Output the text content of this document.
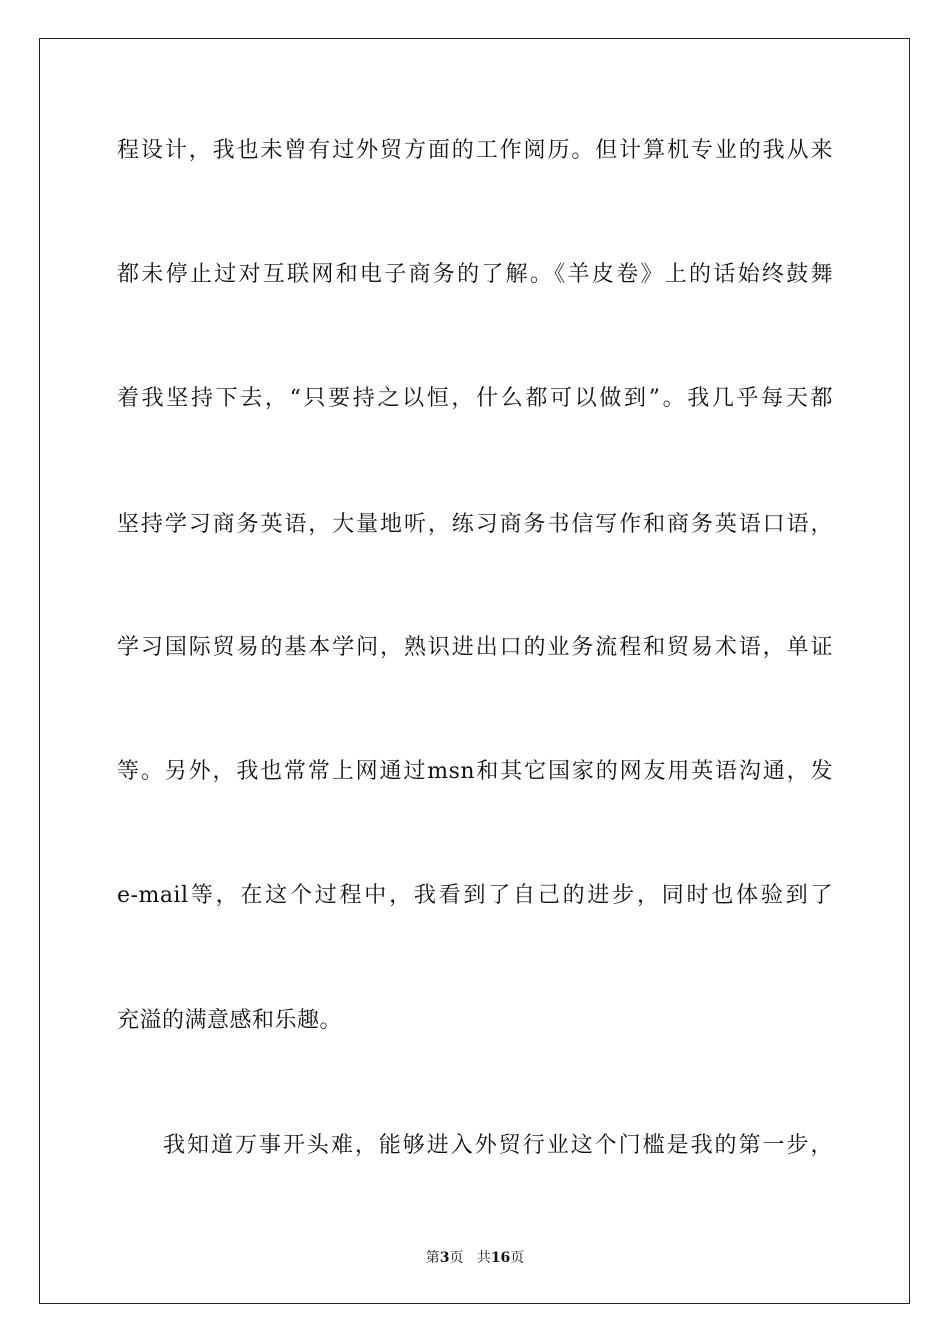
程设计，我也未曾有过外贸方面的工作阅历。但计算机专业的我从来
都未停止过对互联网和电子商务的了解。《羊皮卷》上的话始终鼓舞
着我坚持下去，“只要持之以恒，什么都可以做到”。我几乎每天都
坚持学习商务英语，大量地听，练习商务书信写作和商务英语口语，
学习国际贸易的基本学问，熟识进出口的业务流程和贸易术语，单证
等。另外，我也常常上网通过msn和其它国家的网友用英语沟通，发
e-mail等，在这个过程中，我看到了自己的进步，同时也体验到了
充溢的满意感和乐趣。
我知道万事开头难，能够进入外贸行业这个门槛是我的第一步，
第3页 共16页
